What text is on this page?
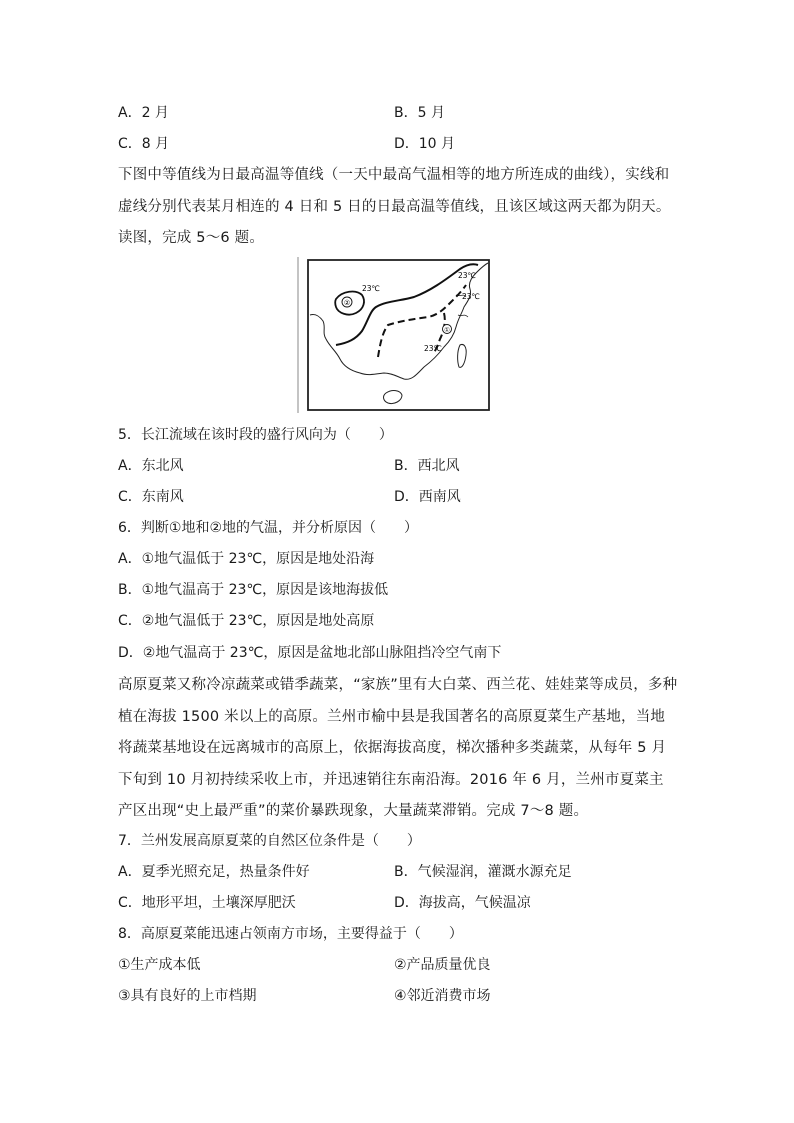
A．2 月	B．5 月
C．8 月	D．10 月
下图中等值线为日最高温等值线（一天中最高气温相等的地方所连成的曲线），实线和虚线分别代表某月相连的 4 日和 5 日的日最高温等值线，且该区域这两天都为阴天。读图，完成 5～6 题。
②
①
23℃
23℃
23℃
23℃
5．长江流域在该时段的盛行风向为（　　）
A．东北风	B．西北风
C．东南风	D．西南风
6．判断①地和②地的气温，并分析原因（　　）
A．①地气温低于 23℃，原因是地处沿海
B．①地气温高于 23℃，原因是该地海拔低
C．②地气温低于 23℃，原因是地处高原
D．②地气温高于 23℃，原因是盆地北部山脉阻挡冷空气南下
高原夏菜又称冷凉蔬菜或错季蔬菜，“家族”里有大白菜、西兰花、娃娃菜等成员，多种植在海拔 1500 米以上的高原。兰州市榆中县是我国著名的高原夏菜生产基地，当地将蔬菜基地设在远离城市的高原上，依据海拔高度，梯次播种多类蔬菜，从每年 5 月下旬到 10 月初持续采收上市，并迅速销往东南沿海。2016 年 6 月，兰州市夏菜主产区出现“史上最严重”的菜价暴跌现象，大量蔬菜滞销。完成 7～8 题。
7．兰州发展高原夏菜的自然区位条件是（　　）
A．夏季光照充足，热量条件好	B．气候湿润，灌溉水源充足
C．地形平坦，土壤深厚肥沃	D．海拔高，气候温凉
8．高原夏菜能迅速占领南方市场，主要得益于（　　）
①生产成本低	②产品质量优良
③具有良好的上市档期	④邻近消费市场
